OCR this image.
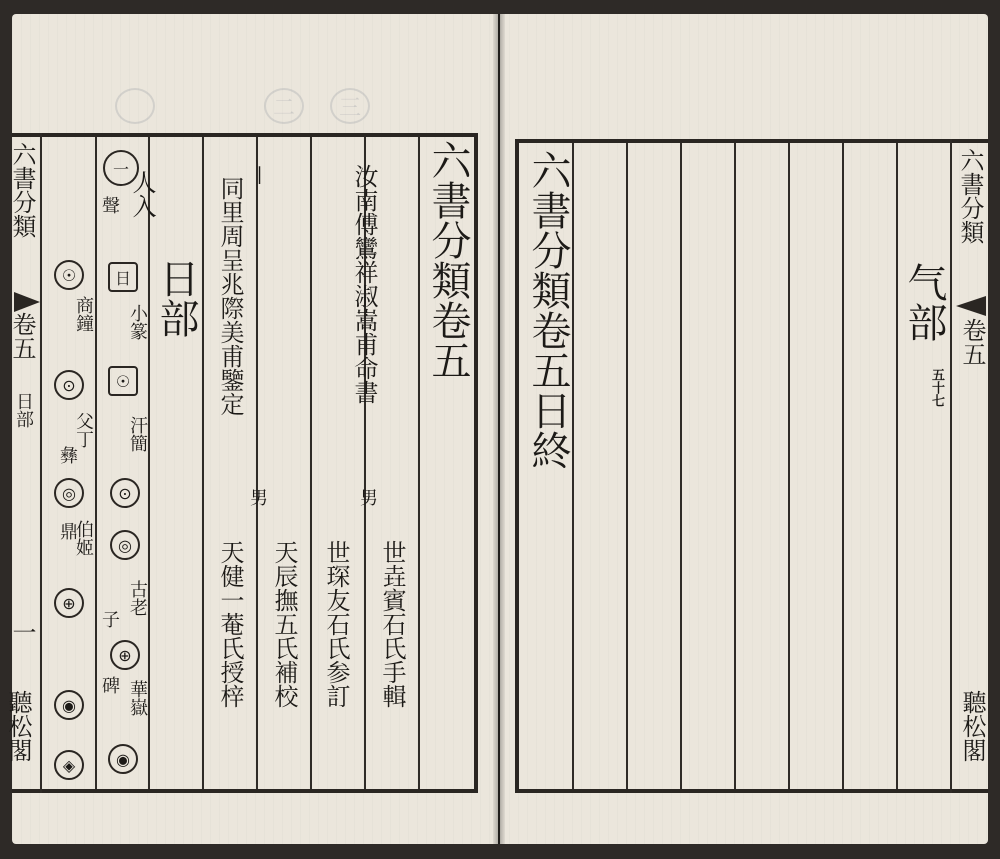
二	三
六書分類
卷五
日部
一
聽松閣
☉
⊙
◎
⊕
◉
◈
商鐘
父丁
彝
伯姬
鼎
一
人入
聲
日
小篆
☉
汗簡
⊙
◎
古老
子
⊕
碑 華嶽
◉
日部 同里周呈兆際美甫鑒定
|
天健一菴氏授梓
男
天辰撫五氏補校 世琛友石氏参訂 世垚賓石氏手輯
汝南傅鸞祥淑嵩甫命書
男
六書分類卷五 六書分類卷五日終	气部
五十七
六書分類
卷五
聽松閣
